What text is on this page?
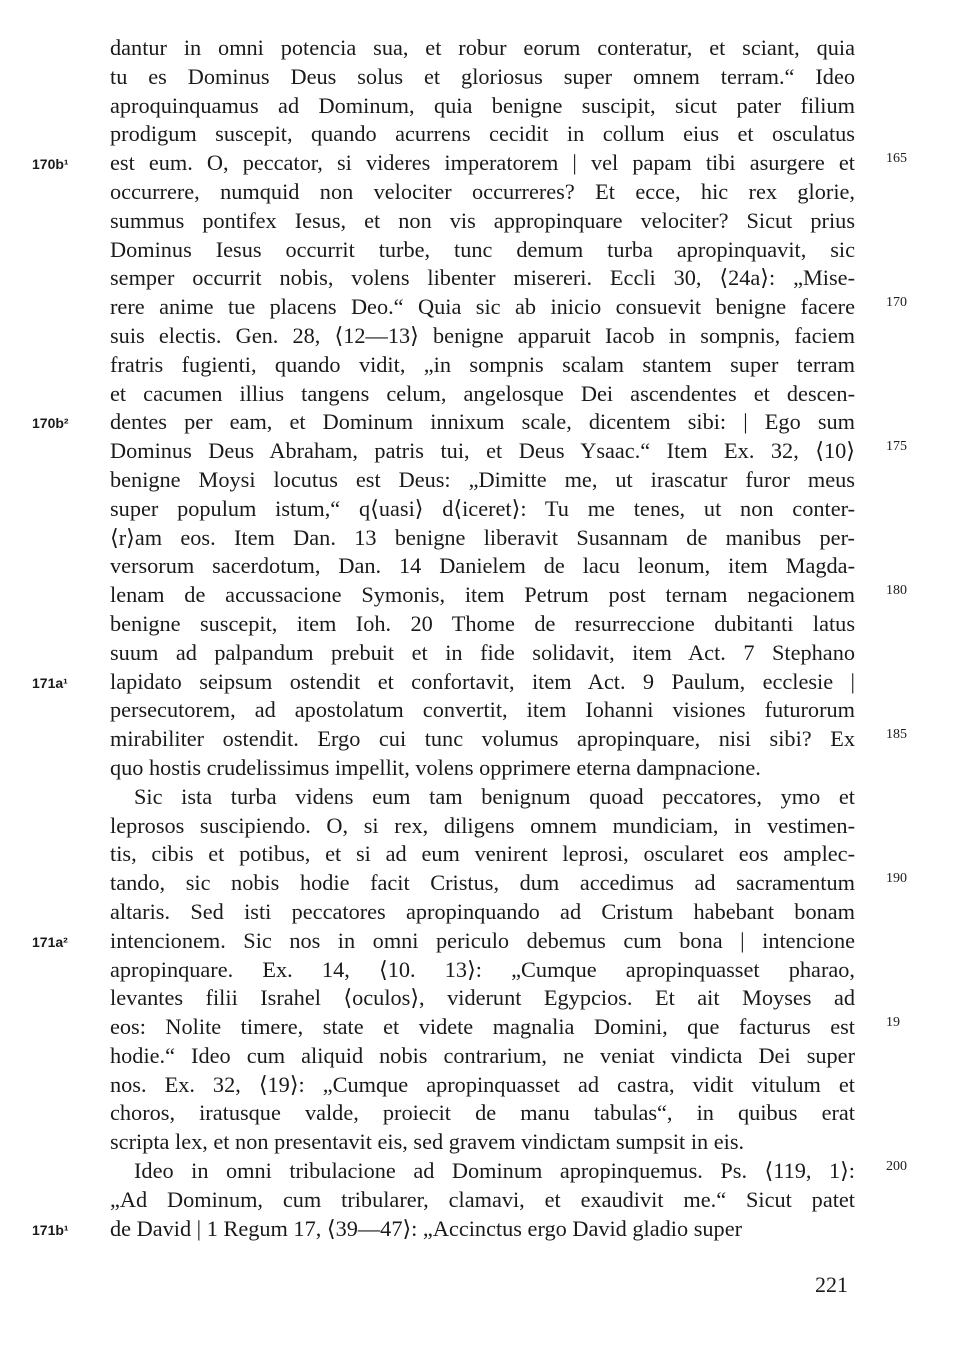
dantur in omni potencia sua, et robur eorum conteratur, et sciant, quia
tu es Dominus Deus solus et gloriosus super omnem terram.“ Ideo
aproquinquamus ad Dominum, quia benigne suscipit, sicut pater filium
prodigum suscepit, quando acurrens cecidit in collum eius et osculatus
est eum. O, peccator, si videres imperatorem | vel papam tibi asurgere et
occurrere, numquid non velociter occurreres? Et ecce, hic rex glorie,
summus pontifex Iesus, et non vis appropinquare velociter? Sicut prius
Dominus Iesus occurrit turbe, tunc demum turba apropinquavit, sic
semper occurrit nobis, volens libenter misereri. Eccli 30, ⟨24a⟩: „Mise-
rere anime tue placens Deo.“ Quia sic ab inicio consuevit benigne facere
suis electis. Gen. 28, ⟨12—13⟩ benigne apparuit Iacob in sompnis, faciem
fratris fugienti, quando vidit, „in sompnis scalam stantem super terram
et cacumen illius tangens celum, angelosque Dei ascendentes et descen-
dentes per eam, et Dominum innixum scale, dicentem sibi: | Ego sum
Dominus Deus Abraham, patris tui, et Deus Ysaac.“ Item Ex. 32, ⟨10⟩
benigne Moysi locutus est Deus: „Dimitte me, ut irascatur furor meus
super populum istum,“ q⟨uasi⟩ d⟨iceret⟩: Tu me tenes, ut non conter-
⟨r⟩am eos. Item Dan. 13 benigne liberavit Susannam de manibus per-
versorum sacerdotum, Dan. 14 Danielem de lacu leonum, item Magda-
lenam de accussacione Symonis, item Petrum post ternam negacionem
benigne suscepit, item Ioh. 20 Thome de resurreccione dubitanti latus
suum ad palpandum prebuit et in fide solidavit, item Act. 7 Stephano
lapidato seipsum ostendit et confortavit, item Act. 9 Paulum, ecclesie |
persecutorem, ad apostolatum convertit, item Iohanni visiones futurorum
mirabiliter ostendit. Ergo cui tunc volumus apropinquare, nisi sibi? Ex
quo hostis crudelissimus impellit, volens opprimere eterna dampnacione.
Sic ista turba videns eum tam benignum quoad peccatores, ymo et
leprosos suscipiendo. O, si rex, diligens omnem mundiciam, in vestimen-
tis, cibis et potibus, et si ad eum venirent leprosi, oscularet eos amplec-
tando, sic nobis hodie facit Cristus, dum accedimus ad sacramentum
altaris. Sed isti peccatores apropinquando ad Cristum habebant bonam
intencionem. Sic nos in omni periculo debemus cum bona | intencione
apropinquare. Ex. 14, ⟨10. 13⟩: „Cumque apropinquasset pharao,
levantes filii Israhel ⟨oculos⟩, viderunt Egypcios. Et ait Moyses ad
eos: Nolite timere, state et videte magnalia Domini, que facturus est
hodie.“ Ideo cum aliquid nobis contrarium, ne veniat vindicta Dei super
nos. Ex. 32, ⟨19⟩: „Cumque apropinquasset ad castra, vidit vitulum et
choros, iratusque valde, proiecit de manu tabulas“, in quibus erat
scripta lex, et non presentavit eis, sed gravem vindictam sumpsit in eis.
Ideo in omni tribulacione ad Dominum apropinquemus. Ps. ⟨119, 1⟩:
„Ad Dominum, cum tribularer, clamavi, et exaudivit me.“ Sicut patet
de David | 1 Regum 17, ⟨39—47⟩: „Accinctus ergo David gladio super
170b¹
170b²
171a¹
171a²
171b¹
165
170
175
180
185
190
19
200
221
